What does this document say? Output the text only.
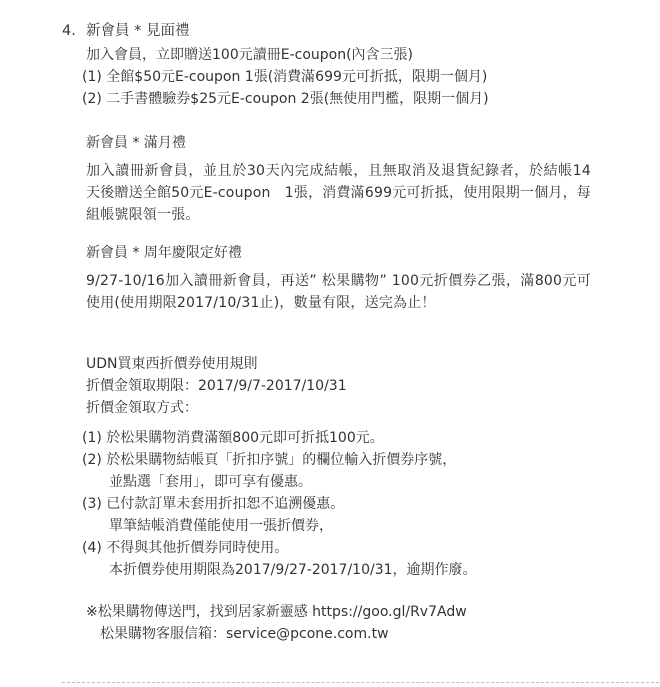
4. 新會員 * 見面禮
加入會員，立即贈送100元讀冊E-coupon(內含三張)
(1) 全館$50元E-coupon 1張(消費滿699元可折抵，限期一個月)
(2) 二手書體驗券$25元E-coupon 2張(無使用門檻，限期一個月)
新會員 * 滿月禮
加入讀冊新會員，並且於30天內完成結帳，且無取消及退貨紀錄者，於結帳14天後贈送全館50元E-coupon　1張，消費滿699元可折抵，使用限期一個月，每組帳號限領一張。
新會員 * 周年慶限定好禮
9/27-10/16加入讀冊新會員，再送” 松果購物” 100元折價券乙張，滿800元可使用(使用期限2017/10/31止)，數量有限，送完為止！
UDN買東西折價券使用規則
折價金領取期限：2017/9/7-2017/10/31
折價金領取方式：
(1) 於松果購物消費滿額800元即可折抵100元。
(2) 於松果購物結帳頁「折扣序號」的欄位輸入折價券序號，
並點選「套用」，即可享有優惠。
(3) 已付款訂單未套用折扣恕不追溯優惠。
單筆結帳消費僅能使用一張折價券，
(4) 不得與其他折價券同時使用。
本折價券使用期限為2017/9/27-2017/10/31，逾期作廢。
※松果購物傳送門，找到居家新靈感 https://goo.gl/Rv7Adw
松果購物客服信箱：service@pcone.com.tw
